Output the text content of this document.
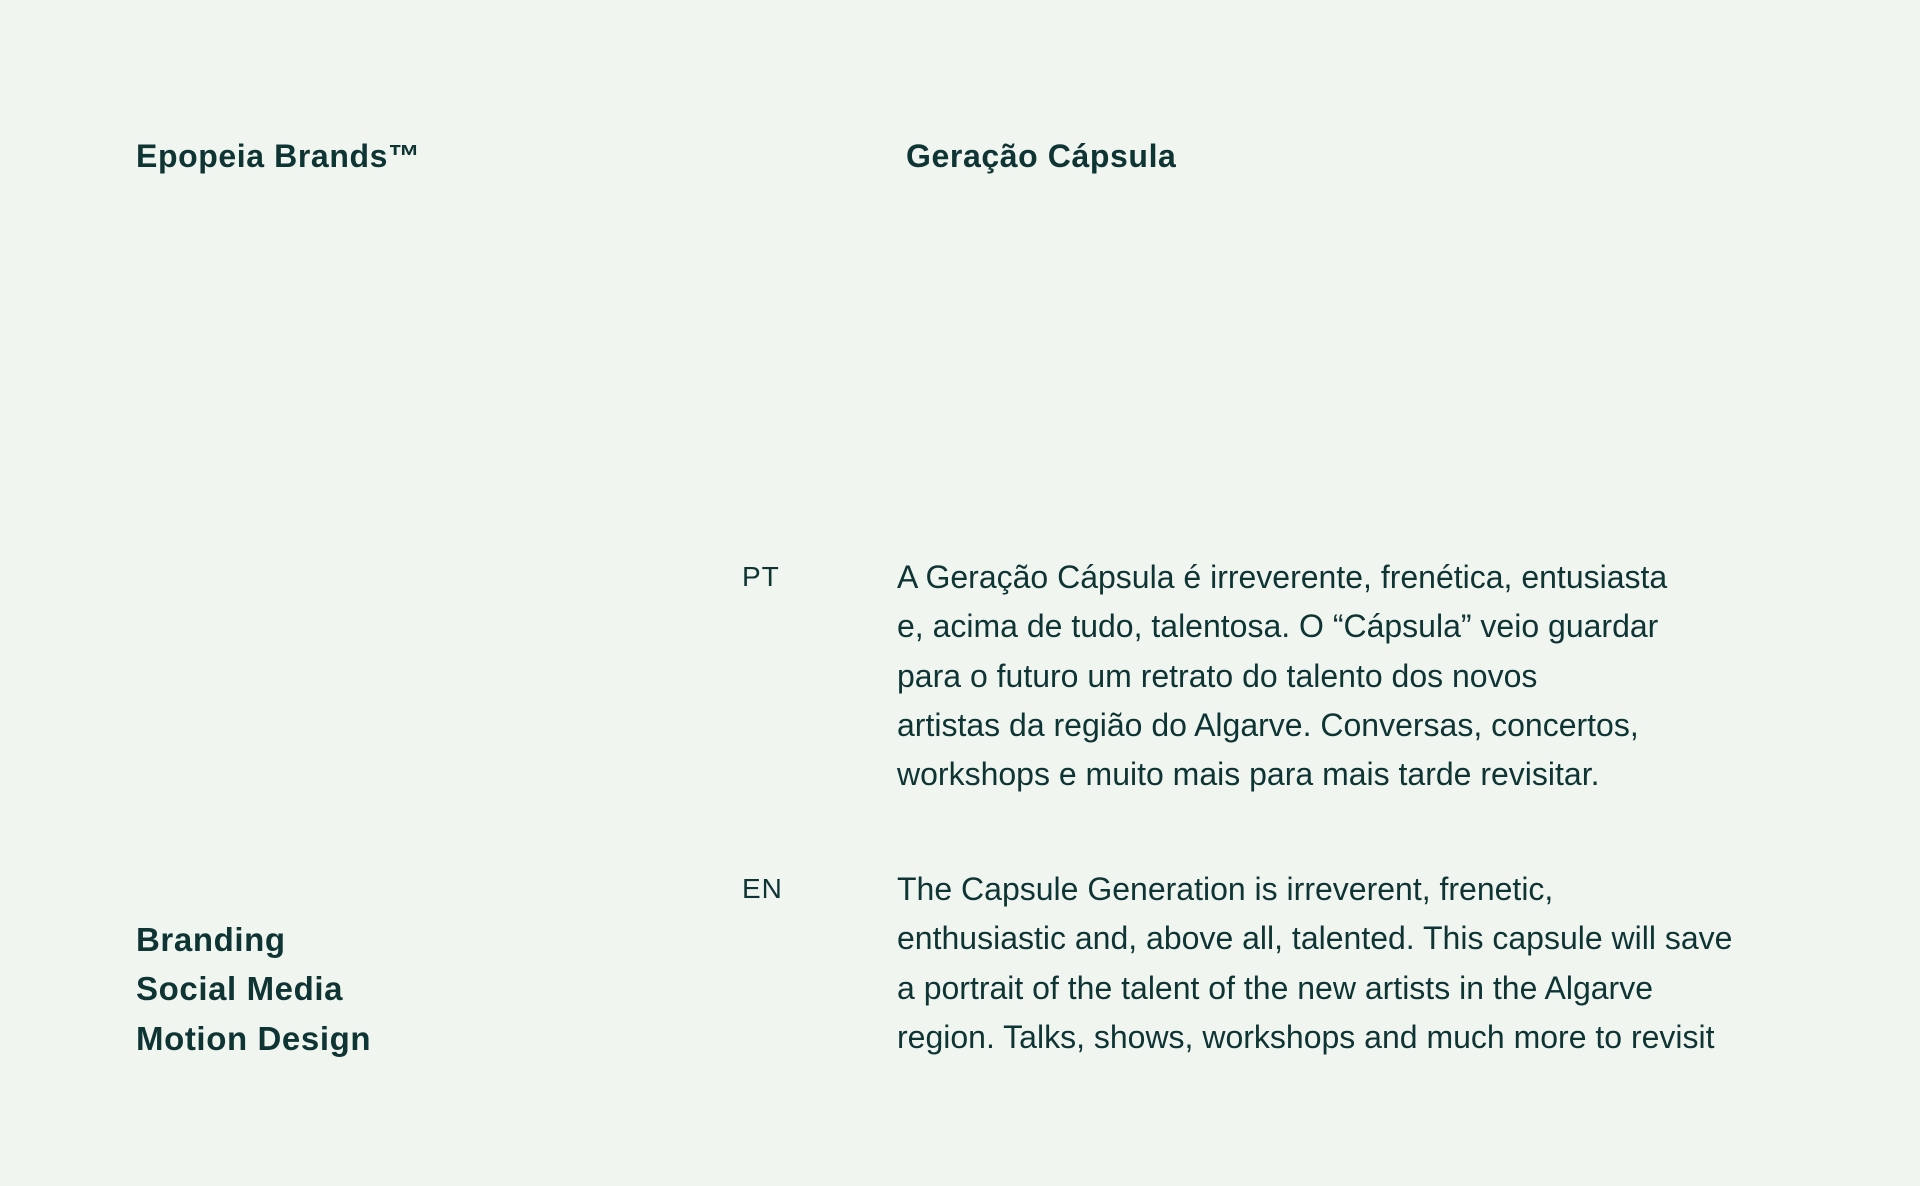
Epopeia Brands™	Geração Cápsula
PT	A Geração Cápsula é irreverente, frenética, entusiasta
e, acima de tudo, talentosa. O “Cápsula” veio guardar
para o futuro um retrato do talento dos novos
artistas da região do Algarve. Conversas, concertos,
workshops e muito mais para mais tarde revisitar.

EN	The Capsule Generation is irreverent, frenetic,
enthusiastic and, above all, talented. This capsule will save
a portrait of the talent of the new artists in the Algarve
region. Talks, shows, workshops and much more to revisit

Branding
Social Media
Motion Design
